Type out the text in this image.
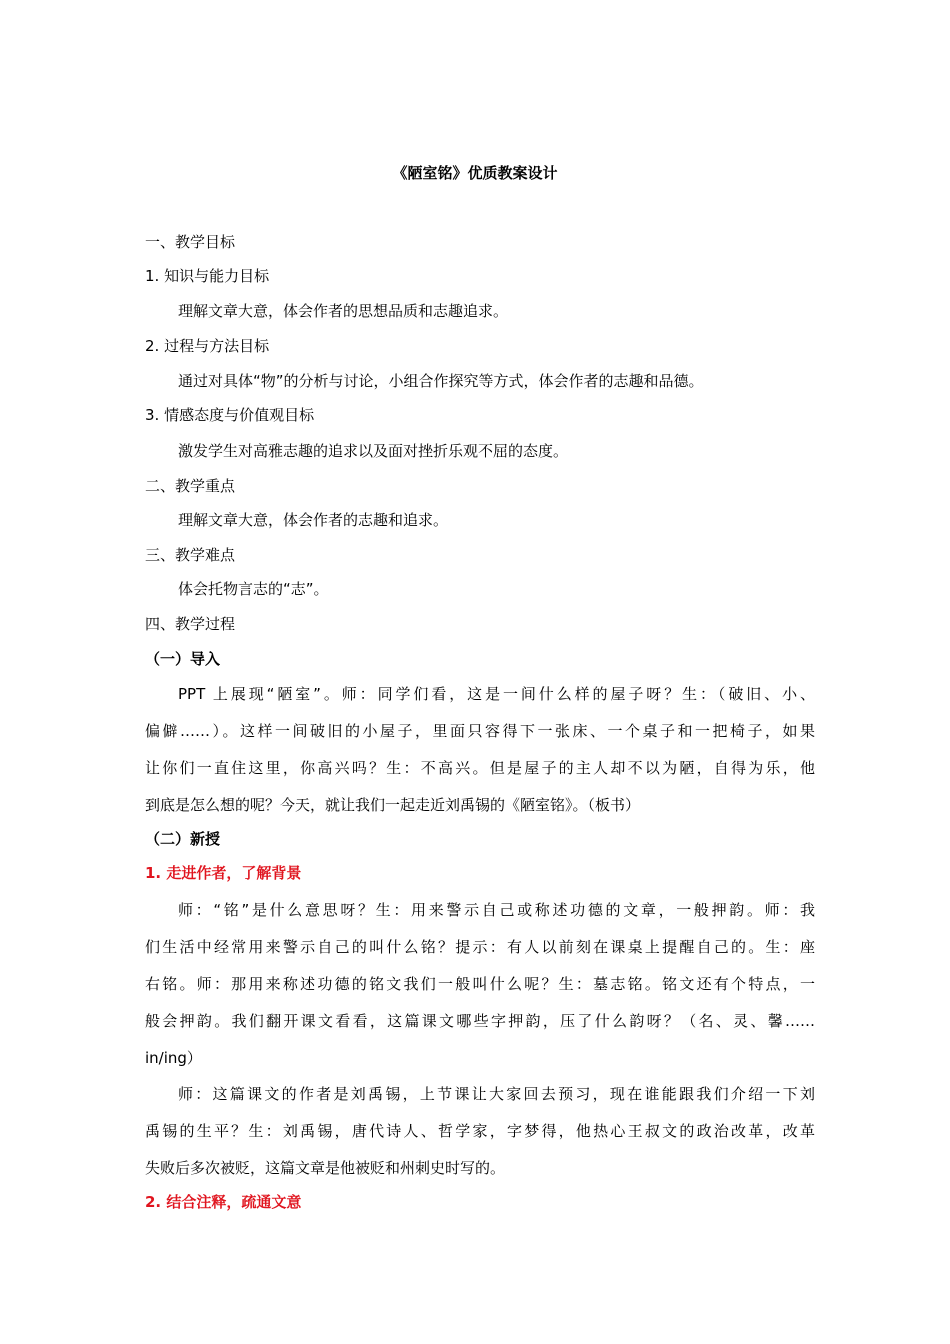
《陋室铭》优质教案设计
一、教学目标
1. 知识与能力目标
理解文章大意，体会作者的思想品质和志趣追求。
2. 过程与方法目标
通过对具体“物”的分析与讨论，小组合作探究等方式，体会作者的志趣和品德。
3. 情感态度与价值观目标
激发学生对高雅志趣的追求以及面对挫折乐观不屈的态度。
二、教学重点
理解文章大意，体会作者的志趣和追求。
三、教学难点
体会托物言志的“志”。
四、教学过程
（一）导入
PPT 上展现“陋室”。师：同学们看，这是一间什么样的屋子呀？生：（破旧、小、
偏僻……）。这样一间破旧的小屋子，里面只容得下一张床、一个桌子和一把椅子，如果
让你们一直住这里，你高兴吗？生：不高兴。但是屋子的主人却不以为陋，自得为乐，他
到底是怎么想的呢？今天，就让我们一起走近刘禹锡的《陋室铭》。（板书）
（二）新授
1. 走进作者，了解背景
师：“铭”是什么意思呀？生：用来警示自己或称述功德的文章，一般押韵。师：我
们生活中经常用来警示自己的叫什么铭？提示：有人以前刻在课桌上提醒自己的。生：座
右铭。师：那用来称述功德的铭文我们一般叫什么呢？生：墓志铭。铭文还有个特点，一
般会押韵。我们翻开课文看看，这篇课文哪些字押韵，压了什么韵呀？（名、灵、馨……
in/ing）
师：这篇课文的作者是刘禹锡，上节课让大家回去预习，现在谁能跟我们介绍一下刘
禹锡的生平？生：刘禹锡，唐代诗人、哲学家，字梦得，他热心王叔文的政治改革，改革
失败后多次被贬，这篇文章是他被贬和州刺史时写的。
2. 结合注释，疏通文意
